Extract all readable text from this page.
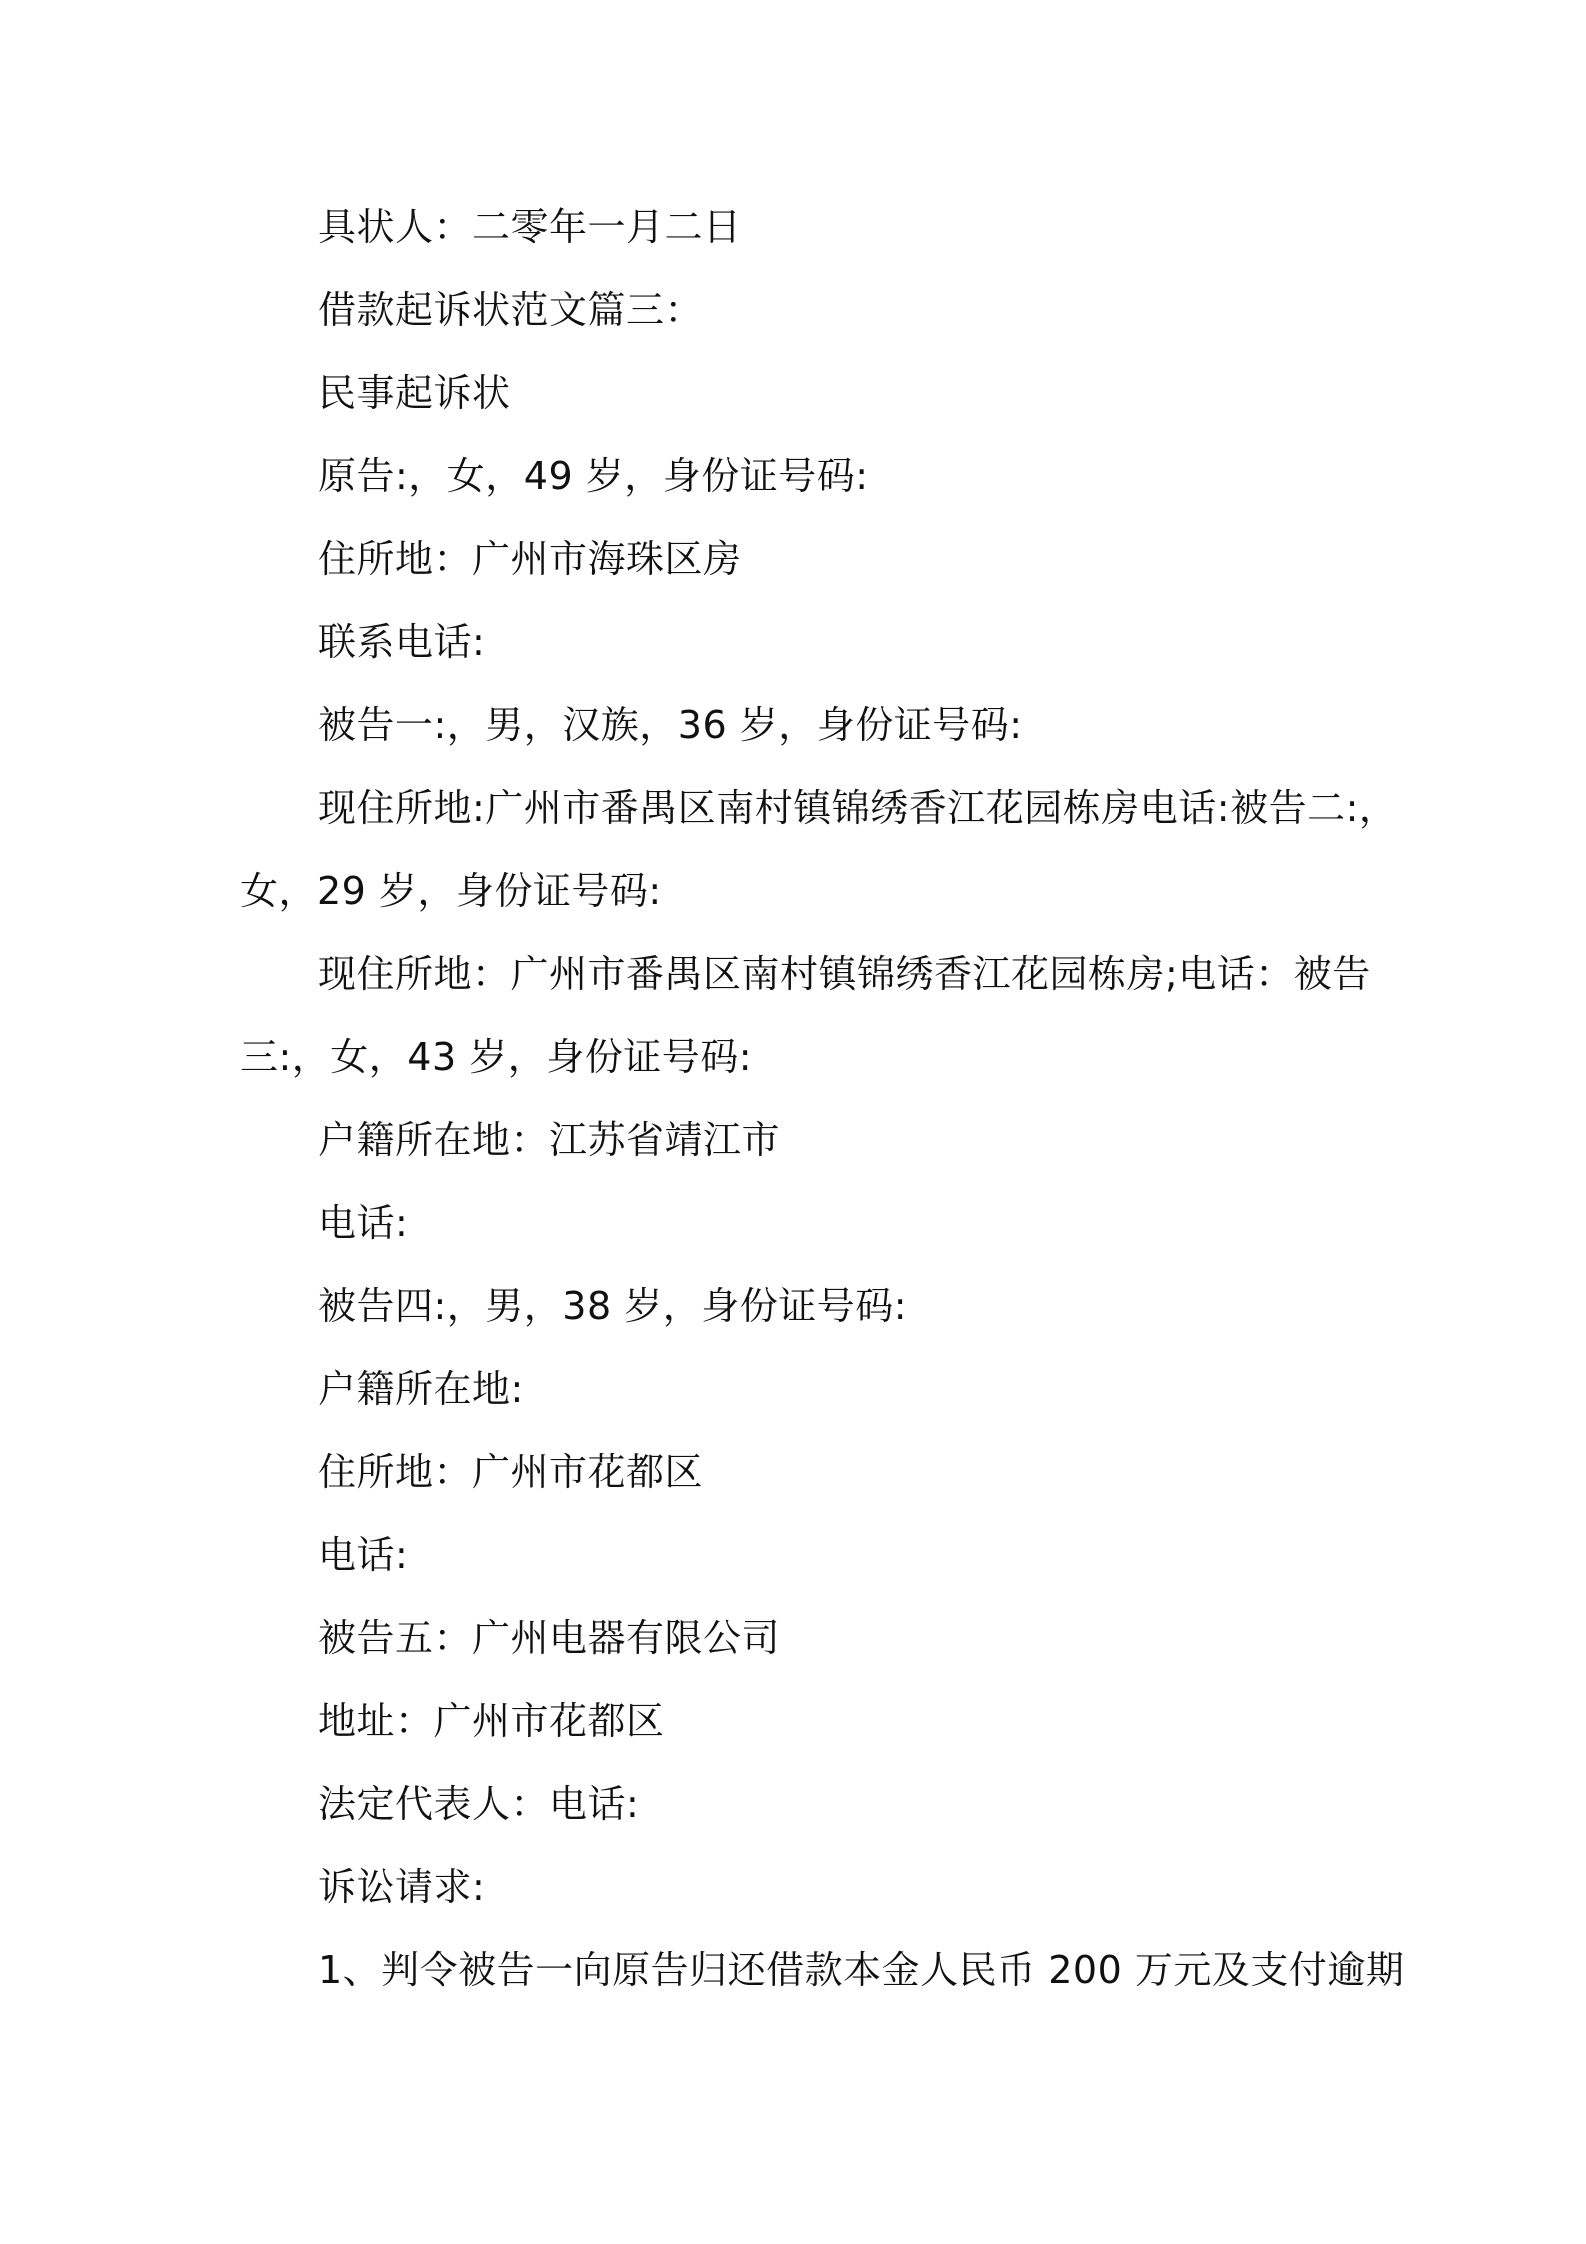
具状人：二零年一月二日
借款起诉状范文篇三：
民事起诉状
原告:，女，49 岁，身份证号码:
住所地：广州市海珠区房
联系电话:
被告一:，男，汉族，36 岁，身份证号码:
现住所地:广州市番禺区南村镇锦绣香江花园栋房电话:被告二:，
女，29 岁，身份证号码:
现住所地：广州市番禺区南村镇锦绣香江花园栋房;电话：被告
三:，女，43 岁，身份证号码:
户籍所在地：江苏省靖江市
电话:
被告四:，男，38 岁，身份证号码:
户籍所在地:
住所地：广州市花都区
电话:
被告五：广州电器有限公司
地址：广州市花都区
法定代表人：电话:
诉讼请求:
1、判令被告一向原告归还借款本金人民币 200 万元及支付逾期
